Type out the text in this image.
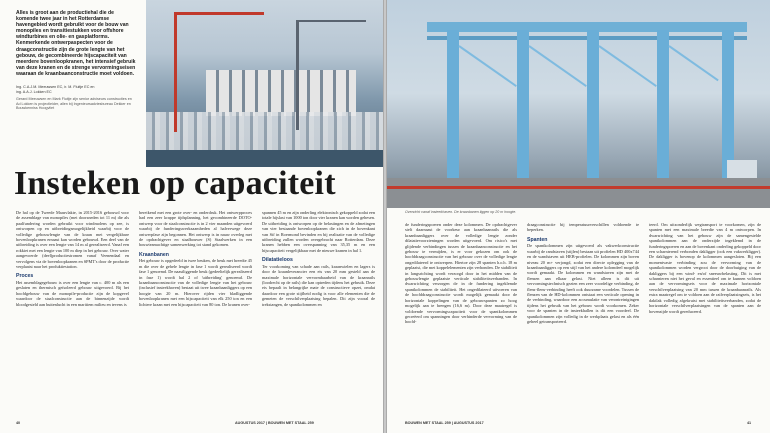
Alles is groot aan de productiehal die de komende twee jaar in het Rotterdamse havengebied wordt gebruikt voor de bouw van monopiles en transitiestukken voor offshore windturbines en olie- en gasplatforms. Kenmerkende ontwerpaspecten voor de draagconstructie zijn de grote lengte van het gebouw, de gecombineerde hijscapaciteit van meerdere bovenloopkranen, het intensief gebruik van deze kranen en de strenge vervormingseisen waaraan de kraanbaanconstructie moet voldoen.
Ing. C.A.J.M. Meeuwsen EC, ir. M. Fluitje EC en
ing. A.A.J. Lokken EC
Gerard Meeuwsen en Mark Fluitje zijn senior adviseurs constructies en Ad Lokken is projectleider, allen bij Ingenieursadviesbureau Dekker en Bouwkenniss Hoogvliet
Insteken op capaciteit

De hal op de Tweede Maasvlakte, in 2015-2016 gebouwd voor de assemblage van monopiles (met doorsneden tot 11 m) die als paalfundering worden gebruikt voor windmolens op zee, is ontworpen op en uitbreidingsmogelijkheid waarbij voor de volledige gebouwlengte van de kraan met vergelijkbare bovenloopkranen ernaast kan worden gebouwd. Een deel van de uitbreiding is over een lengte van 14 m al gerealiseerd. Vanaf een rokkiet met een lengte van 100 m diep in het gebouw. Over water aangevoerde (deel)productiestromen vanaf Veenendaal en vervolgens via de bovenloopkranen en SPMT's door de productie verplaatst naar het produktiestation.

Proces

Het assemblagegebouw is over een lengte van c. 400 m als een geslaten en thermisch geïsoleerd gebouw uitgevoerd. Bij het hoofdgebouw van de monopile-productie zijn de kopgevel waardoor de staalconstructie aan de binnenzijde wordt bloodgesteld aan buitenlucht in een maritiem milieu en tevens is

bereikend met een grote over- en onderdruk. Het ontwerpproces had een zeer krappe tijdsplanning, het gecombineerde DOTO-ontwerp voor de staalconstructie is in 2 vier maanden uitgevoerd waarbij de funderingswerkzaamheden al halverwege deze ontwerpfase zijn begonnen. Het ontwerp is in nauw overleg met de opdrachtgever en staalbouwer (S) Staalwerken in een bouwteamachtige samenwerking tot stand gekomen.

Kraanbanen

Het gebouw is opgedeeld in twee beuken, de beuk met breedte 45 m die over de gehele lengte in fase 1 wordt gerealiseerd wordt fase 1 genoemd. De naastliggende beuk (gedeeltelijk gerealiseerd in fase 1) wordt hal 2 of 'uitbreiding' genoemd. De kraanbaanconstructie van de volledige lengte van het gebouw (inclusief insteekhaven) bestaat uit twee kraanbaanliggers op een hoogte van 20 m. Hierover rijden vier bladliggende bovenloopkranen met een hijscapaciteit van elk 250 ton en een lichtere kraan met een hijscapaciteit van 80 ton. De kranen over-

spannen 45 m en zijn onderling elektronisch gekoppeld zodat een totale hijslast van 1000 ton door vier kranen kan worden gehesen. De uitbreiding is ontworpen op de belastingen en de afmetingen van vier bestaande bovenloopkranen die zich in de bovenkant van Sif in Roermond bevinden en bij realisatie van de volledige uitbreiding zullen worden overgebracht naar Rotterdam. Deze kranen hebben een overspanning van 35,35 m en een hijscapaciteit vergelijkbaar met de nieuwe kranen in hal 1.

Dilatatieloos

Ter voorkoming van schade aan rails, kraanwielen en lagers is door de kraanleverancier een eis van 20 mm gesteld aan de maximale horizontale vervormbaarheid van de kraanrails (loodrecht op de rails) die kan optreden tijdens het gebruik. Deze eis bepaalt in belangrijke mate de constructieve opzet, omdat daardoor een grote stijfheid nodig is voor alle elementen die de gemeten de verschilverplaatsing bepalen. Dit zijn vooral de trekstangen, de spantkolommen en

40	AUGUSTUS 2017 | BOUWEN MET STAAL 259
Overzicht vanaf insteekhaven. De kraanbanen liggen op 20 m hoogte.

de funderingspoeren onder deze kolommen. De opdrachtgever stelt daarnaast de voorkeur aan kraanbaanrails die als kraanbaanliggers over de volledige lengte zonder dilatatievoorzieningen worden uitgevoerd. Om risico's met glijdende verbindingen tussen de kraanbaanconstructie en het gebouw te vermijden, is er voor gekozen om ook de hoofddraagconstructie van het gebouw over de volledige lengte ongedilateerd te ontwerpen. Hiertoe zijn 28 spanten h.o.h. 18 m geplaatst, die met koppelelementen zijn verbonden. De stabiliteit in langsrichting wordt verzorgd door in het midden van de gebouwlengte geplaatste verticale stabiliteitsverbanden. In dwarsrichting verzorgen de in de fundering ingeklemde spantkolommen de stabiliteit. Het ongedilateerd uitvoeren van de hoofddraagconstructie wordt mogelijk gemaakt door de horizontale koppelingen van de gebouwspanten zo hoog mogelijk aan te brengen (16,6 m). Door deze maatregel is voldoende vervormingscapaciteit voor de spantkolommen gecreëerd om spanningen door verhinderde vervorming van de hoofd-

draagconstructie bij temperatuurverschillen voldoende te beperken.

Spanten

De spantkolommen zijn uitgevoerd als vakwerkconstructie waarbij de randstaven (stijlen) bestaan uit profielen HD 400x744 en de wandstaven uit HEB-profielen. De kolommen zijn boven niveau 20 m+ verjongd, zodat een directe oplegging van de kraanbaanliggers op een stijl van het andere kolomdeel mogelijk wordt gemaakt. De kolommen en wandstaven zijn met de flensen aan elkaar gelast. Niet alleen is dit uit vervormingstechnisch gezien een zeer voordelige verbinding, de flens-flens-verbinding heeft ook duurzame voordelen. Tussen de flenzen van de HD-kolommen ontstaat een verticale opening in de verbinding, waardoor een accumulatie van verontreinigingen tijdens het gebruik van het gebouw wordt voorkomen. Zeker voor de spanten in de insteekhallen is dit een voordeel. De spantkolommen zijn volledig in de werkplaats gelast en als één geheel getransporteerd.

teerd. Om uitzonderlijk wegtransport te voorkomen, zijn de spanten met een maximale breedte van 4 m ontworpen. In dwarsrichting van het gebouw zijn de samengestelde spantkolommen aan de onderzijde ingeklemd in de funderingspoeren en aan de bovenkant onderling gekoppeld door een scharnierend verbonden dakligger (ook een vakwerkligger). De dakligger is bovenop de kolommen aangesloten. Bij een momentvaste verbinding zou de vervorming van de spantkolommen worden vergroot door de doorbuiging van de dakliggers bij een wind- en/of sneeuwbelasting. Dit is met scharnieren niet het geval en essentieel om te kunnen voldoen aan de vervormingseis voor de maximale horizontale verschilverplaatsing van 20 mm tussen de kraanbaanrails. Als extra maatregel om te voldoen aan de railverplaatsingseis, is het daktlak volledig afgekruist met stabiliteitsverbanden, zodat de horizontale verschilverplaatsingen van de spanten aan de bovenzijde wordt gereduceerd.

BOUWEN MET STAAL 259 | AUGUSTUS 2017	41
